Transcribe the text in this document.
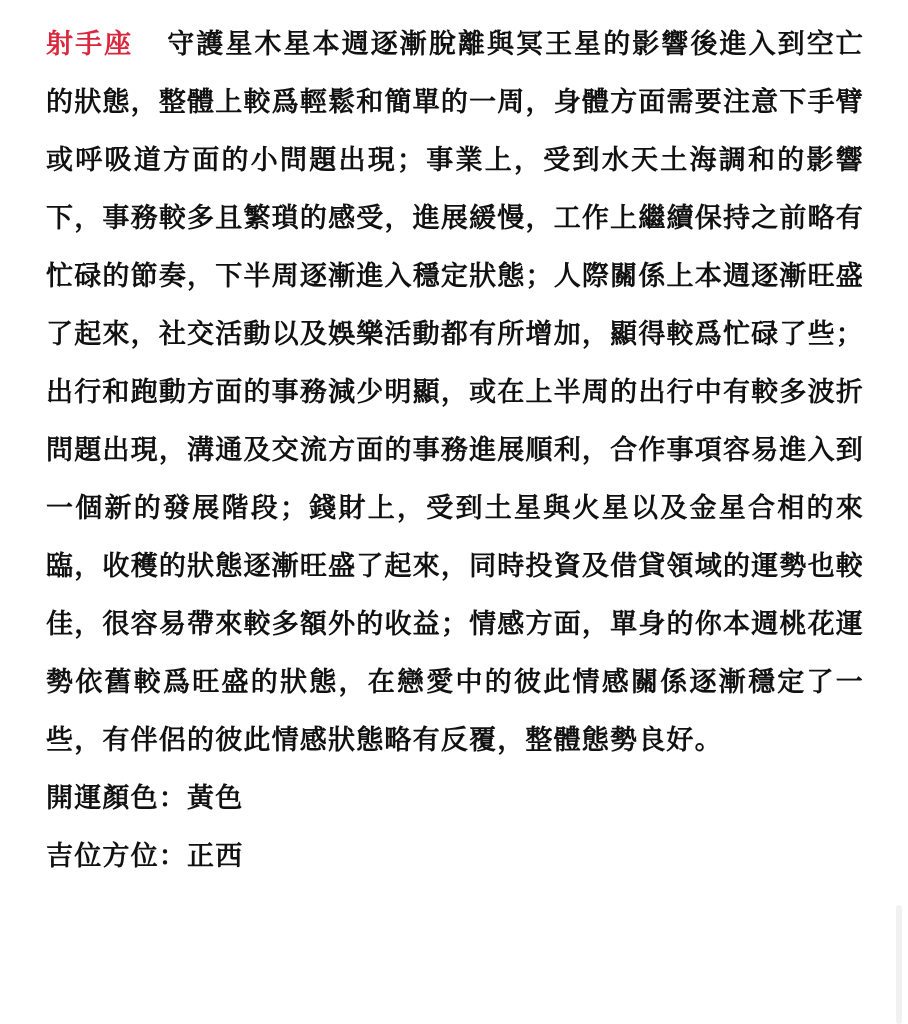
射手座 守護星木星本週逐漸脫離與冥王星的影響後進入到空亡的狀態，整體上較爲輕鬆和簡單的一周，身體方面需要注意下手臂或呼吸道方面的小問題出現；事業上，受到水天土海調和的影響下，事務較多且繁瑣的感受，進展緩慢，工作上繼續保持之前略有忙碌的節奏，下半周逐漸進入穩定狀態；人際關係上本週逐漸旺盛了起來，社交活動以及娛樂活動都有所增加，顯得較爲忙碌了些；出行和跑動方面的事務減少明顯，或在上半周的出行中有較多波折問題出現，溝通及交流方面的事務進展順利，合作事項容易進入到一個新的發展階段；錢財上，受到土星與火星以及金星合相的來臨，收穫的狀態逐漸旺盛了起來，同時投資及借貸領域的運勢也較佳，很容易帶來較多額外的收益；情感方面，單身的你本週桃花運勢依舊較爲旺盛的狀態，在戀愛中的彼此情感關係逐漸穩定了一些，有伴侶的彼此情感狀態略有反覆，整體態勢良好。

開運顏色：黃色

吉位方位：正西
